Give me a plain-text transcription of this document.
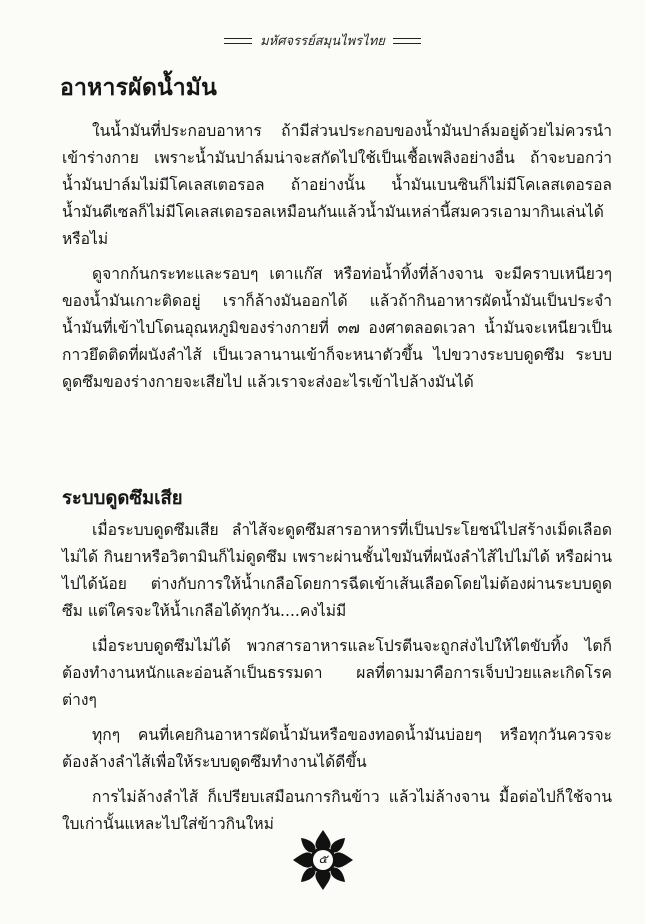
มหัศจรรย์สมุนไพรไทย
อาหารผัดน้ำมัน

ในน้ำมันที่ประกอบอาหาร ถ้ามีส่วนประกอบของน้ำมันปาล์มอยู่ด้วยไม่ควรนำเข้าร่างกาย เพราะน้ำมันปาล์มน่าจะสกัดไปใช้เป็นเชื้อเพลิงอย่างอื่น ถ้าจะบอกว่าน้ำมันปาล์มไม่มีโคเลสเตอรอล ถ้าอย่างนั้น น้ำมันเบนซินก็ไม่มีโคเลสเตอรอล น้ำมันดีเซลก็ไม่มีโคเลสเตอรอลเหมือนกันแล้วน้ำมันเหล่านี้สมควรเอามากินเล่นได้หรือไม่

ดูจากก้นกระทะและรอบๆ เตาแก๊ส หรือท่อน้ำทิ้งที่ล้างจาน จะมีคราบเหนียวๆ ของน้ำมันเกาะติดอยู่ เราก็ล้างมันออกได้ แล้วถ้ากินอาหารผัดน้ำมันเป็นประจำ น้ำมันที่เข้าไปโดนอุณหภูมิของร่างกายที่ ๓๗ องศาตลอดเวลา น้ำมันจะเหนียวเป็นกาวยึดติดที่ผนังลำไส้ เป็นเวลานานเข้าก็จะหนาตัวขึ้น ไปขวางระบบดูดซึม ระบบดูดซึมของร่างกายจะเสียไป แล้วเราจะส่งอะไรเข้าไปล้างมันได้

ระบบดูดซึมเสีย

เมื่อระบบดูดซึมเสีย ลำไส้จะดูดซึมสารอาหารที่เป็นประโยชน์ไปสร้างเม็ดเลือดไม่ได้ กินยาหรือวิตามินก็ไม่ดูดซึม เพราะผ่านชั้นไขมันที่ผนังลำไส้ไปไม่ได้ หรือผ่านไปได้น้อย ต่างกับการให้น้ำเกลือโดยการฉีดเข้าเส้นเลือดโดยไม่ต้องผ่านระบบดูดซึม แต่ใครจะให้น้ำเกลือได้ทุกวัน....คงไม่มี

เมื่อระบบดูดซึมไม่ได้ พวกสารอาหารและโปรตีนจะถูกส่งไปให้ไตขับทิ้ง ไตก็ต้องทำงานหนักและอ่อนล้าเป็นธรรมดา ผลที่ตามมาคือการเจ็บป่วยและเกิดโรคต่างๆ

ทุกๆ คนที่เคยกินอาหารผัดน้ำมันหรือของทอดน้ำมันบ่อยๆ หรือทุกวันควรจะต้องล้างลำไส้เพื่อให้ระบบดูดซึมทำงานได้ดีขึ้น

การไม่ล้างลำไส้ ก็เปรียบเสมือนการกินข้าว แล้วไม่ล้างจาน มื้อต่อไปก็ใช้จานใบเก่านั้นแหละไปใส่ข้าวกินใหม่

๕
